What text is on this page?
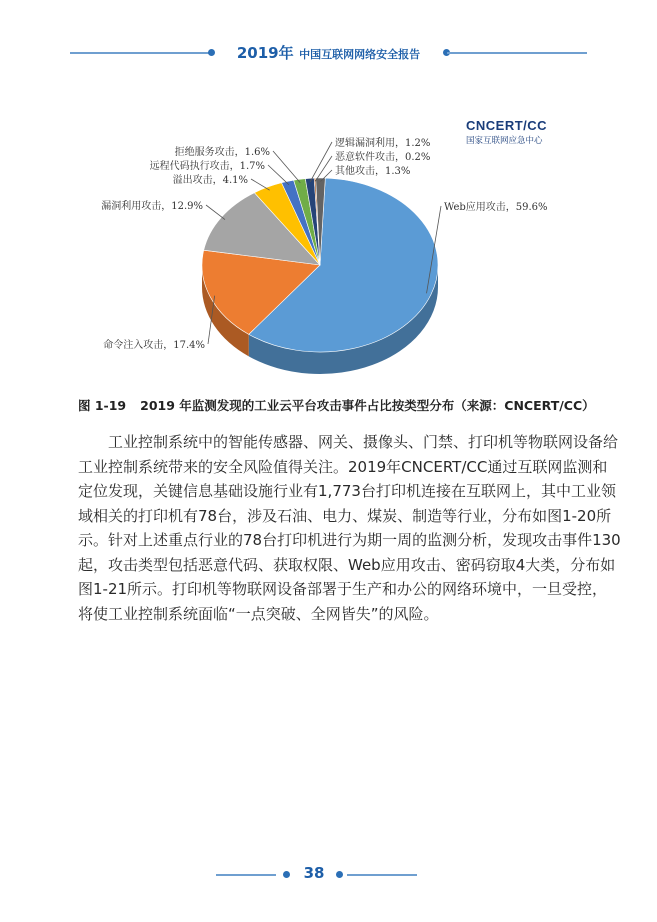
2019年 中国互联网网络安全报告
Web应用攻击，59.6%
命令注入攻击，17.4%
漏洞利用攻击，12.9%
溢出攻击，4.1%
远程代码执行攻击，1.7%
拒绝服务攻击，1.6%
逻辑漏洞利用，1.2%
恶意软件攻击，0.2%
其他攻击，1.3%
CNCERT/CC
国家互联网应急中心
图 1-19 2019 年监测发现的工业云平台攻击事件占比按类型分布（来源：CNCERT/CC）

工业控制系统中的智能传感器、网关、摄像头、门禁、打印机等物联网设备给

工业控制系统带来的安全风险值得关注。2019年CNCERT/CC通过互联网监测和

定位发现，关键信息基础设施行业有1,773台打印机连接在互联网上，其中工业领

域相关的打印机有78台，涉及石油、电力、煤炭、制造等行业，分布如图1-20所

示。针对上述重点行业的78台打印机进行为期一周的监测分析，发现攻击事件130

起，攻击类型包括恶意代码、获取权限、Web应用攻击、密码窃取4大类，分布如

图1-21所示。打印机等物联网设备部署于生产和办公的网络环境中，一旦受控，

将使工业控制系统面临“一点突破、全网皆失”的风险。

38
